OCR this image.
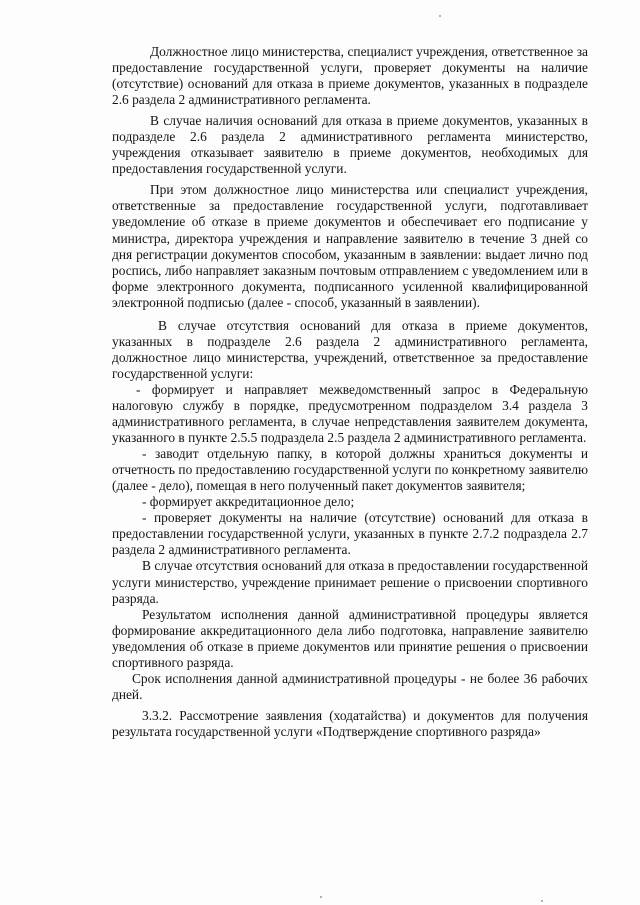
Должностное лицо министерства, специалист учреждения, ответственное за предоставление государственной услуги, проверяет документы на наличие (отсутствие) оснований для отказа в приеме документов, указанных в подразделе 2.6 раздела 2 административного регламента.

В случае наличия оснований для отказа в приеме документов, указанных в подразделе 2.6 раздела 2 административного регламента министерство, учреждения отказывает заявителю в приеме документов, необходимых для предоставления государственной услуги.

При этом должностное лицо министерства или специалист учреждения, ответственные за предоставление государственной услуги, подготавливает уведомление об отказе в приеме документов и обеспечивает его подписание у министра, директора учреждения и направление заявителю в течение 3 дней со дня регистрации документов способом, указанным в заявлении: выдает лично под роспись, либо направляет заказным почтовым отправлением с уведомлением или в форме электронного документа, подписанного усиленной квалифицированной электронной подписью (далее - способ, указанный в заявлении).

В случае отсутствия оснований для отказа в приеме документов, указанных в подразделе 2.6 раздела 2 административного регламента, должностное лицо министерства, учреждений, ответственное за предоставление государственной услуги:

- формирует и направляет межведомственный запрос в Федеральную налоговую службу в порядке, предусмотренном подразделом 3.4 раздела 3 административного регламента, в случае непредставления заявителем документа, указанного в пункте 2.5.5 подраздела 2.5 раздела 2 административного регламента.

- заводит отдельную папку, в которой должны храниться документы и отчетность по предоставлению государственной услуги по конкретному заявителю (далее - дело), помещая в него полученный пакет документов заявителя;

- формирует аккредитационное дело;

- проверяет документы на наличие (отсутствие) оснований для отказа в предоставлении государственной услуги, указанных в пункте 2.7.2 подраздела 2.7 раздела 2 административного регламента.

В случае отсутствия оснований для отказа в предоставлении государственной услуги министерство, учреждение принимает решение о присвоении спортивного разряда.

Результатом исполнения данной административной процедуры является формирование аккредитационного дела либо подготовка, направление заявителю уведомления об отказе в приеме документов или принятие решения о присвоении спортивного разряда.

Срок исполнения данной административной процедуры - не более 36 рабочих дней.

3.3.2. Рассмотрение заявления (ходатайства) и документов для получения результата государственной услуги «Подтверждение спортивного разряда»
